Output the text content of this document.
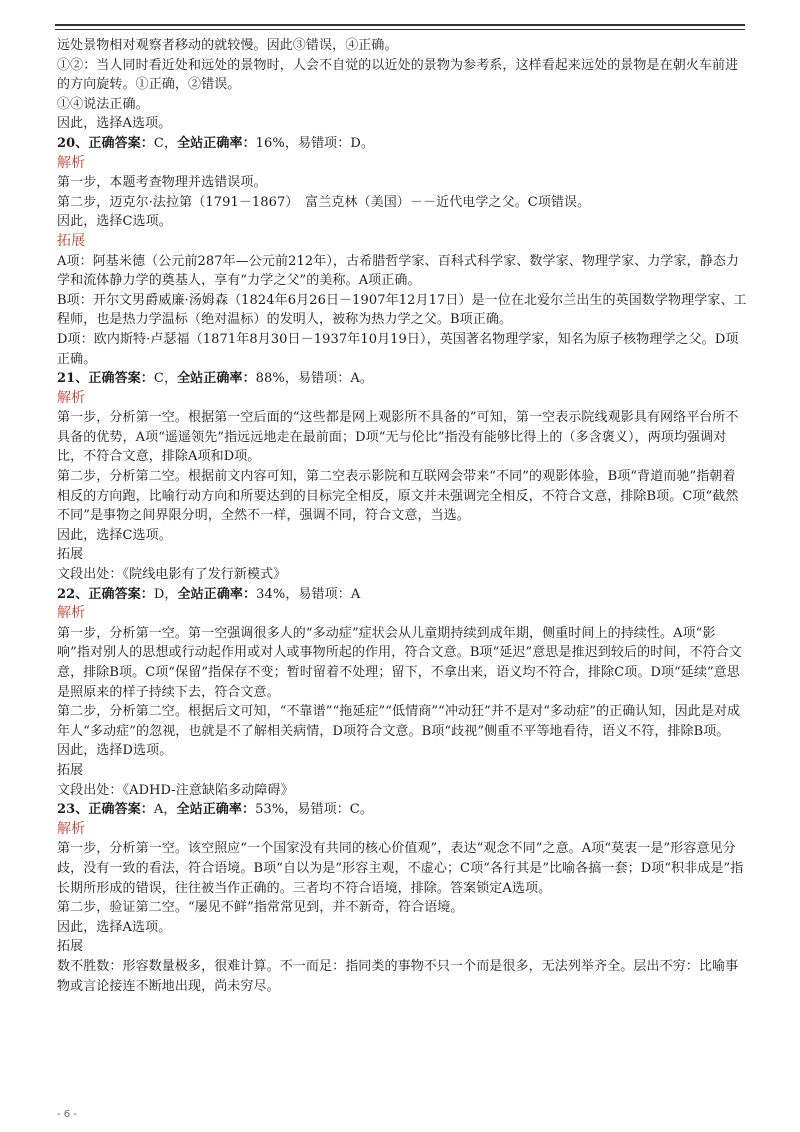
远处景物相对观察者移动的就较慢。因此③错误，④正确。

①②：当人同时看近处和远处的景物时，人会不自觉的以近处的景物为参考系，这样看起来远处的景物是在朝火车前进的方向旋转。①正确，②错误。

①④说法正确。

因此，选择A选项。

20、正确答案：C，全站正确率：16%，易错项：D。

解析

第一步，本题考查物理并选错误项。

第二步，迈克尔·法拉第（1791－1867）　富兰克林（美国）－－近代电学之父。C项错误。

因此，选择C选项。

拓展

A项：阿基米德（公元前287年—公元前212年），古希腊哲学家、百科式科学家、数学家、物理学家、力学家，静态力学和流体静力学的奠基人，享有“力学之父”的美称。A项正确。

B项：开尔文男爵威廉·汤姆森（1824年6月26日－1907年12月17日）是一位在北爱尔兰出生的英国数学物理学家、工程师，也是热力学温标（绝对温标）的发明人，被称为热力学之父。B项正确。

D项：欧内斯特·卢瑟福（1871年8月30日－1937年10月19日），英国著名物理学家，知名为原子核物理学之父。D项正确。

21、正确答案：C，全站正确率：88%，易错项：A。

解析

第一步，分析第一空。根据第一空后面的“这些都是网上观影所不具备的”可知，第一空表示院线观影具有网络平台所不具备的优势，A项“遥遥领先”指远远地走在最前面；D项“无与伦比”指没有能够比得上的（多含褒义），两项均强调对比，不符合文意，排除A项和D项。

第二步，分析第二空。根据前文内容可知，第二空表示影院和互联网会带来“不同”的观影体验，B项“背道而驰”指朝着相反的方向跑，比喻行动方向和所要达到的目标完全相反，原文并未强调完全相反，不符合文意，排除B项。C项“截然不同”是事物之间界限分明，全然不一样，强调不同，符合文意，当选。

因此，选择C选项。

拓展

文段出处：《院线电影有了发行新模式》

22、正确答案：D，全站正确率：34%，易错项：A

解析

第一步，分析第一空。第一空强调很多人的“多动症”症状会从儿童期持续到成年期，侧重时间上的持续性。A项“影响”指对别人的思想或行动起作用或对人或事物所起的作用，符合文意。B项“延迟”意思是推迟到较后的时间，不符合文意，排除B项。C项“保留”指保存不变；暂时留着不处理；留下，不拿出来，语义均不符合，排除C项。D项“延续”意思是照原来的样子持续下去，符合文意。

第二步，分析第二空。根据后文可知，“不靠谱”“拖延症”“低情商”“冲动狂”并不是对“多动症”的正确认知，因此是对成年人“多动症”的忽视，也就是不了解相关病情，D项符合文意。B项“歧视”侧重不平等地看待，语义不符，排除B项。

因此，选择D选项。

拓展

文段出处：《ADHD-注意缺陷多动障碍》

23、正确答案：A，全站正确率：53%，易错项：C。

解析

第一步，分析第一空。该空照应“一个国家没有共同的核心价值观”，表达“观念不同”之意。A项“莫衷一是”形容意见分歧，没有一致的看法，符合语境。B项“自以为是”形容主观，不虚心；C项“各行其是”比喻各搞一套；D项“积非成是”指长期所形成的错误，往往被当作正确的。三者均不符合语境，排除。答案锁定A选项。

第二步，验证第二空。“屡见不鲜”指常常见到，并不新奇，符合语境。

因此，选择A选项。

拓展

数不胜数：形容数量极多，很难计算。不一而足：指同类的事物不只一个而是很多，无法列举齐全。层出不穷：比喻事物或言论接连不断地出现，尚未穷尽。

- 6 -
